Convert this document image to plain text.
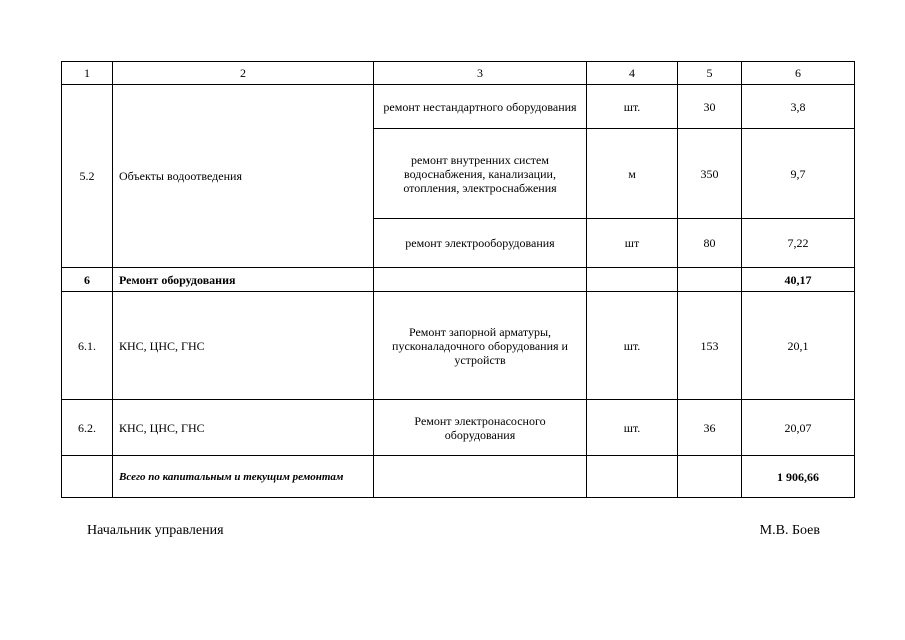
1	2	3	4	5	6
5.2	Объекты водоотведения	ремонт нестандартного оборудования	шт.	30	3,8
		ремонт внутренних систем водоснабжения, канализации, отопления, электроснабжения	м	350	9,7
		ремонт электрооборудования	шт	80	7,22
6	Ремонт оборудования				40,17
6.1.	КНС, ЦНС, ГНС	Ремонт запорной арматуры, пусконаладочного оборудования и устройств	шт.	153	20,1
6.2.	КНС, ЦНС, ГНС	Ремонт электронасосного оборудования	шт.	36	20,07
	Всего по капитальным и текущим ремонтам				1 906,66
Начальник управления	М.В. Боев
